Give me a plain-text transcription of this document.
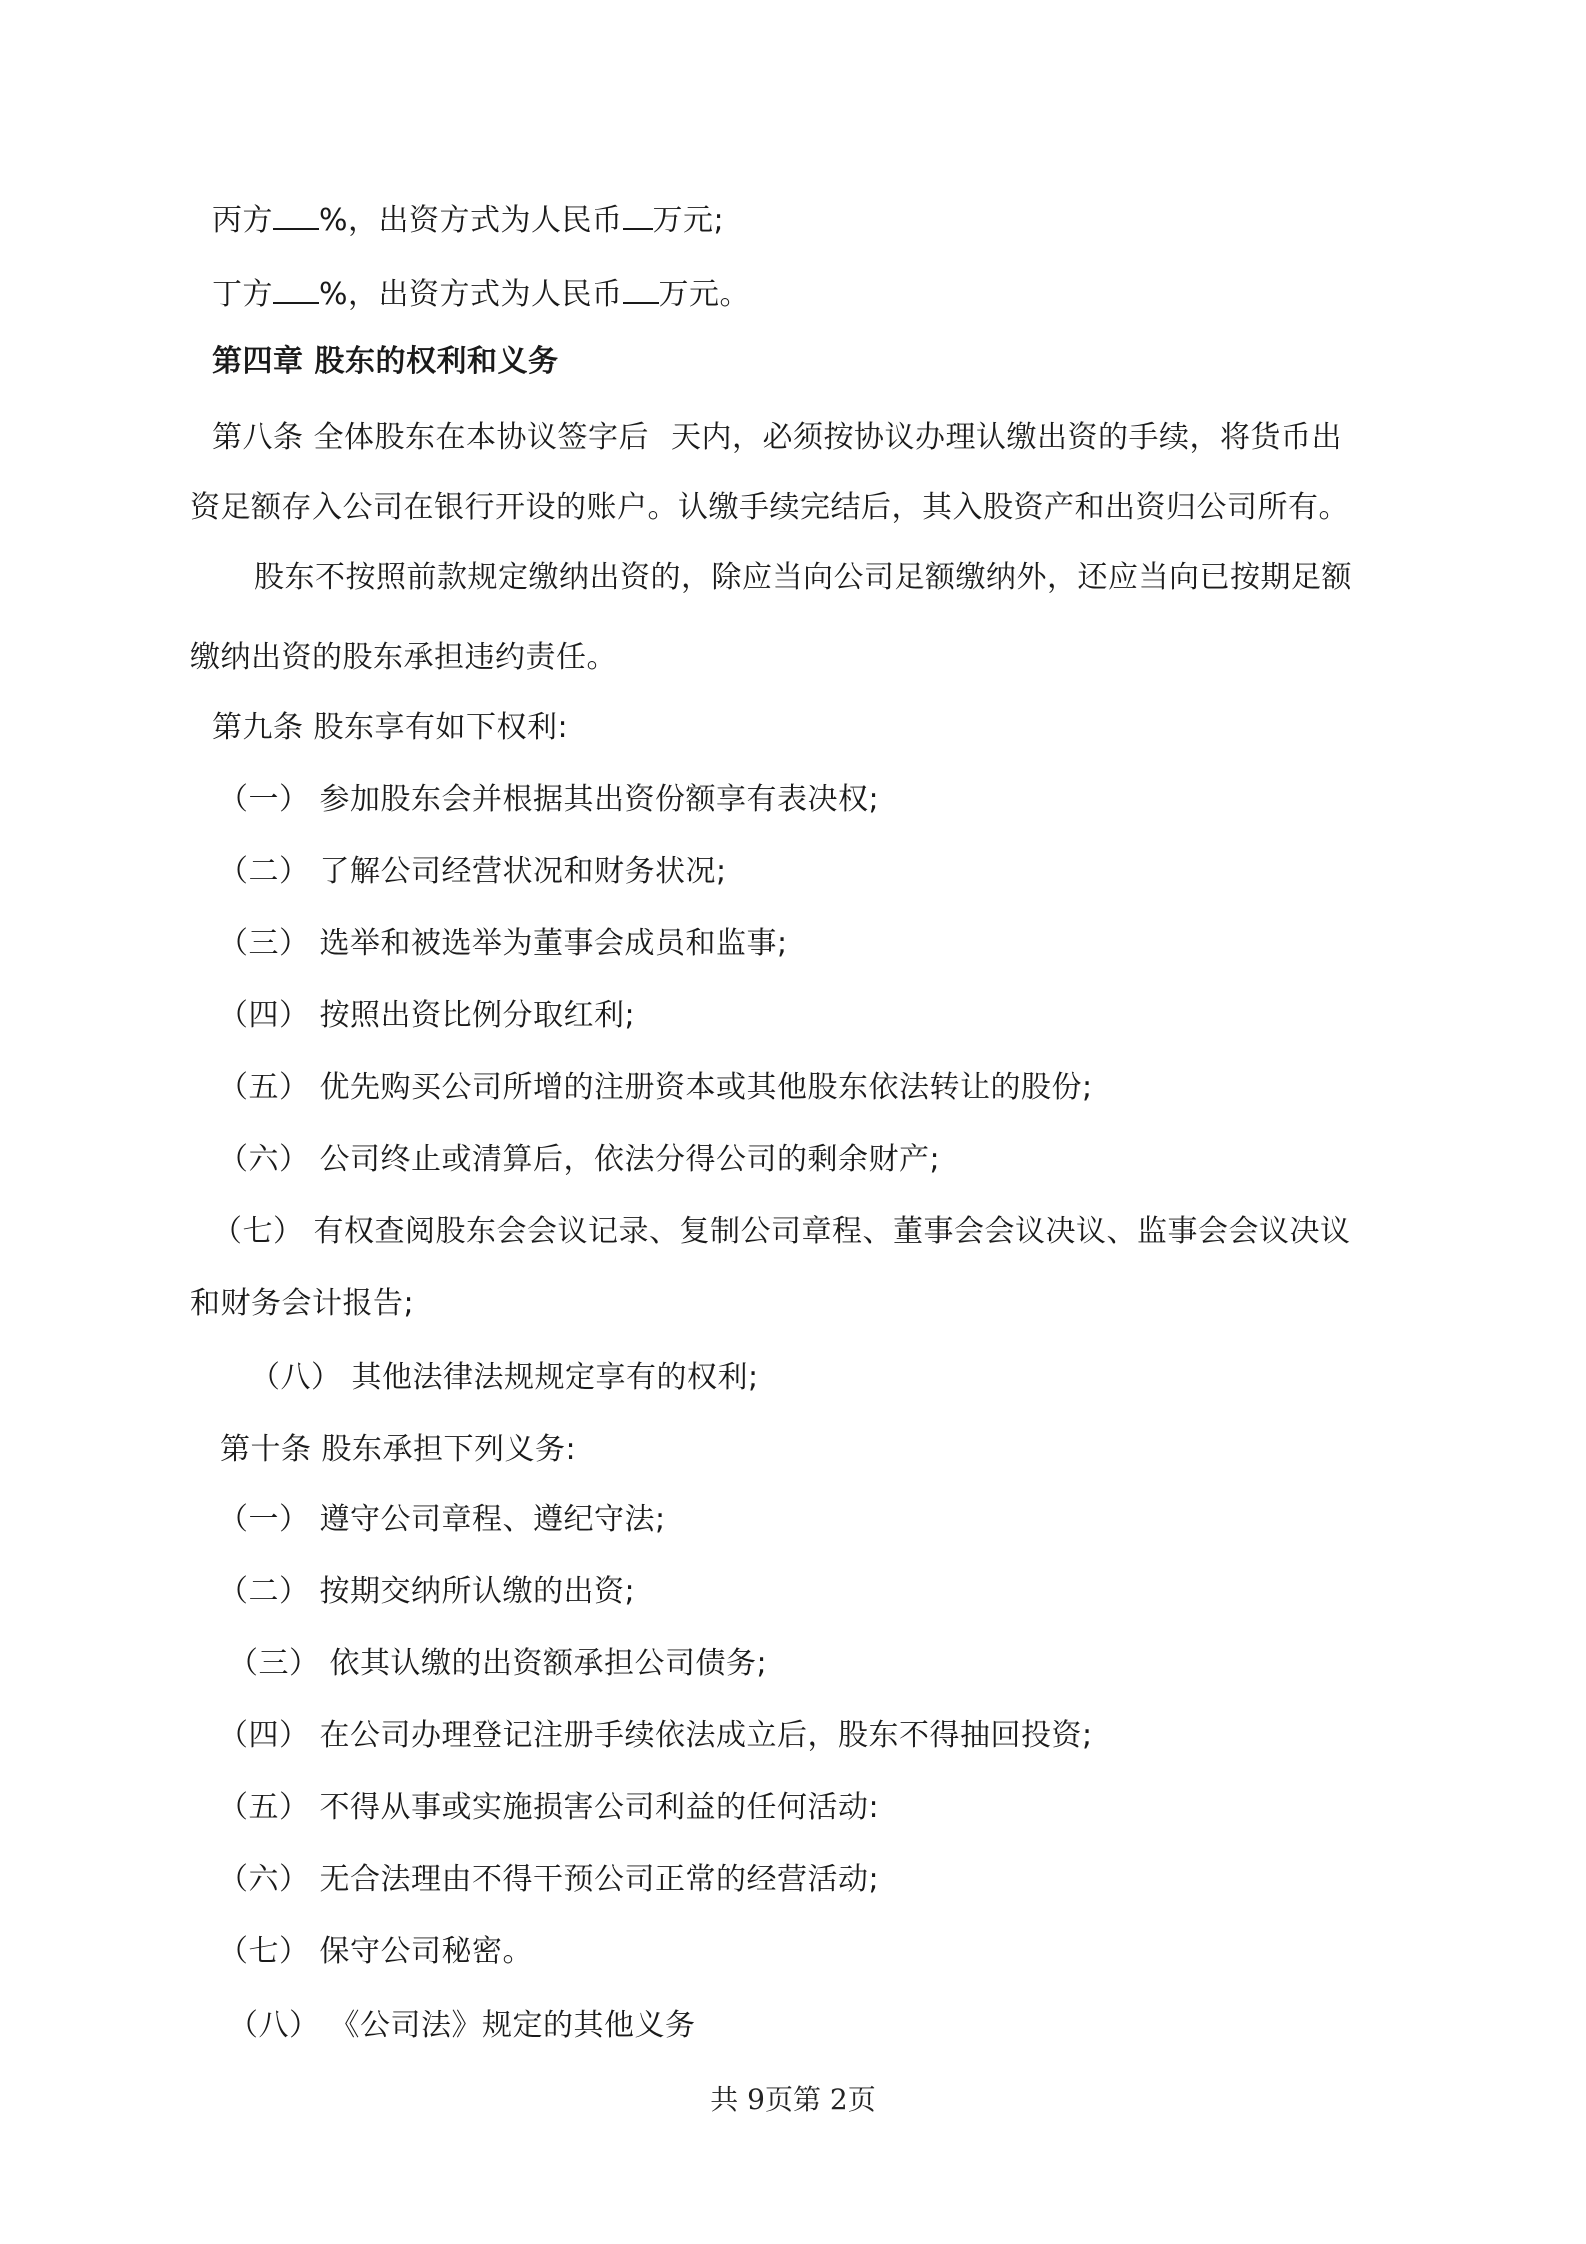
丙方 %，出资方式为人民币 万元;
丁方 %，出资方式为人民币 万元。
第四章 股东的权利和义务
第八条 全体股东在本协议签字后 天内，必须按协议办理认缴出资的手续，将货币出
资足额存入公司在银行开设的账户。认缴手续完结后，其入股资产和出资归公司所有。
股东不按照前款规定缴纳出资的，除应当向公司足额缴纳外，还应当向已按期足额
缴纳出资的股东承担违约责任。
第九条 股东享有如下权利:
（一） 参加股东会并根据其出资份额享有表决权;
（二） 了解公司经营状况和财务状况;
（三） 选举和被选举为董事会成员和监事;
（四） 按照出资比例分取红利;
（五） 优先购买公司所增的注册资本或其他股东依法转让的股份;
（六） 公司终止或清算后，依法分得公司的剩余财产;
（七） 有权查阅股东会会议记录、复制公司章程、董事会会议决议、监事会会议决议
和财务会计报告;
（八） 其他法律法规规定享有的权利;
第十条 股东承担下列义务:
（一） 遵守公司章程、遵纪守法;
（二） 按期交纳所认缴的出资;
（三） 依其认缴的出资额承担公司债务;
（四） 在公司办理登记注册手续依法成立后，股东不得抽回投资;
（五） 不得从事或实施损害公司利益的任何活动:
（六） 无合法理由不得干预公司正常的经营活动;
（七） 保守公司秘密。
（八） 《公司法》规定的其他义务
共 9页第 2页
